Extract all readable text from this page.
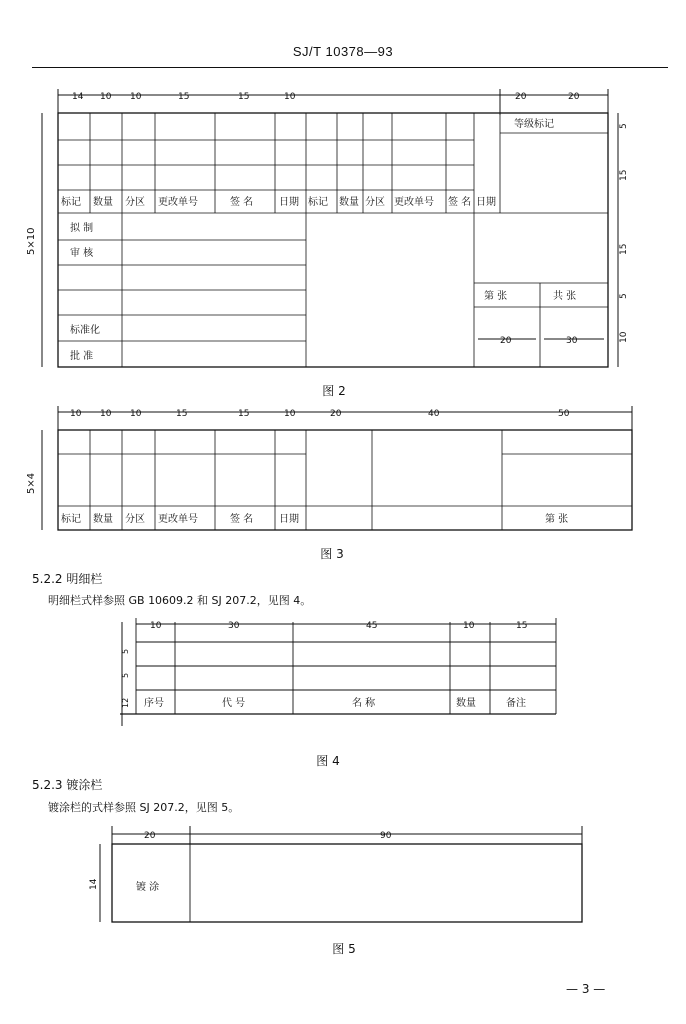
SJ/T 10378—93
14 10 10	15	15	10	20	20
5×10
5
15
15
5
10
等级标记
标记 数量 分区 更改单号	签 名	日期 标记 数量 分区 更改单号 签 名 日期
拟 制
审 核
标准化
批 准
第 张	共 张
20	30
图 2
10 10 10	15	15	10	20	40	50
5×4
标记 数量 分区 更改单号	签 名	日期	第 张
图 3
5.2.2 明细栏
明细栏式样参照 GB 10609.2 和 SJ 207.2，见图 4。
10	30	45	10	15
5
5
12 序号	代 号	名 称	数量	备注
图 4
5.2.3 镀涂栏
镀涂栏的式样参照 SJ 207.2，见图 5。
20	90
14	镀 涂
图 5
— 3 —
